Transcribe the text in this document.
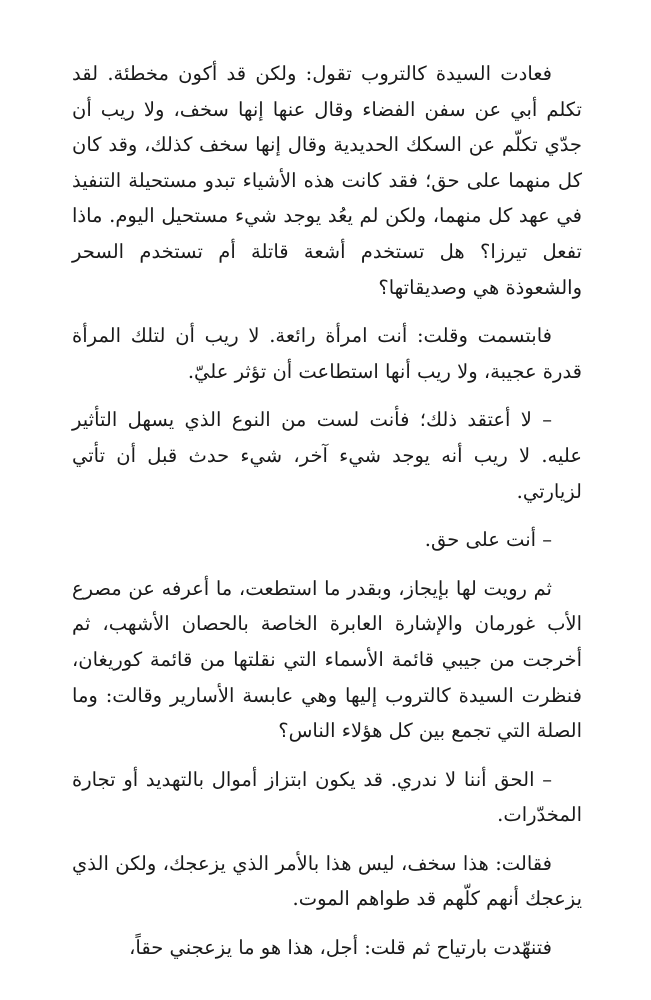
فعادت السيدة كالتروب تقول: ولكن قد أكون مخطئة. لقد تكلم أبي عن سفن الفضاء وقال عنها إنها سخف، ولا ريب أن جدّي تكلّم عن السكك الحديدية وقال إنها سخف كذلك، وقد كان كل منهما على حق؛ فقد كانت هذه الأشياء تبدو مستحيلة التنفيذ في عهد كل منهما، ولكن لم يعُد يوجد شيء مستحيل اليوم. ماذا تفعل تيرزا؟ هل تستخدم أشعة قاتلة أم تستخدم السحر والشعوذة هي وصديقاتها؟

فابتسمت وقلت: أنت امرأة رائعة. لا ريب أن لتلك المرأة قدرة عجيبة، ولا ريب أنها استطاعت أن تؤثر عليّ.

– لا أعتقد ذلك؛ فأنت لست من النوع الذي يسهل التأثير عليه. لا ريب أنه يوجد شيء آخر، شيء حدث قبل أن تأتي لزيارتي.

– أنت على حق.

ثم رويت لها بإيجاز، وبقدر ما استطعت، ما أعرفه عن مصرع الأب غورمان والإشارة العابرة الخاصة بالحصان الأشهب، ثم أخرجت من جيبي قائمة الأسماء التي نقلتها من قائمة كوريغان، فنظرت السيدة كالتروب إليها وهي عابسة الأسارير وقالت: وما الصلة التي تجمع بين كل هؤلاء الناس؟

– الحق أننا لا ندري. قد يكون ابتزاز أموال بالتهديد أو تجارة المخدّرات.

فقالت: هذا سخف، ليس هذا بالأمر الذي يزعجك، ولكن الذي يزعجك أنهم كلّهم قد طواهم الموت.

فتنهّدت بارتياح ثم قلت: أجل، هذا هو ما يزعجني حقاً،
